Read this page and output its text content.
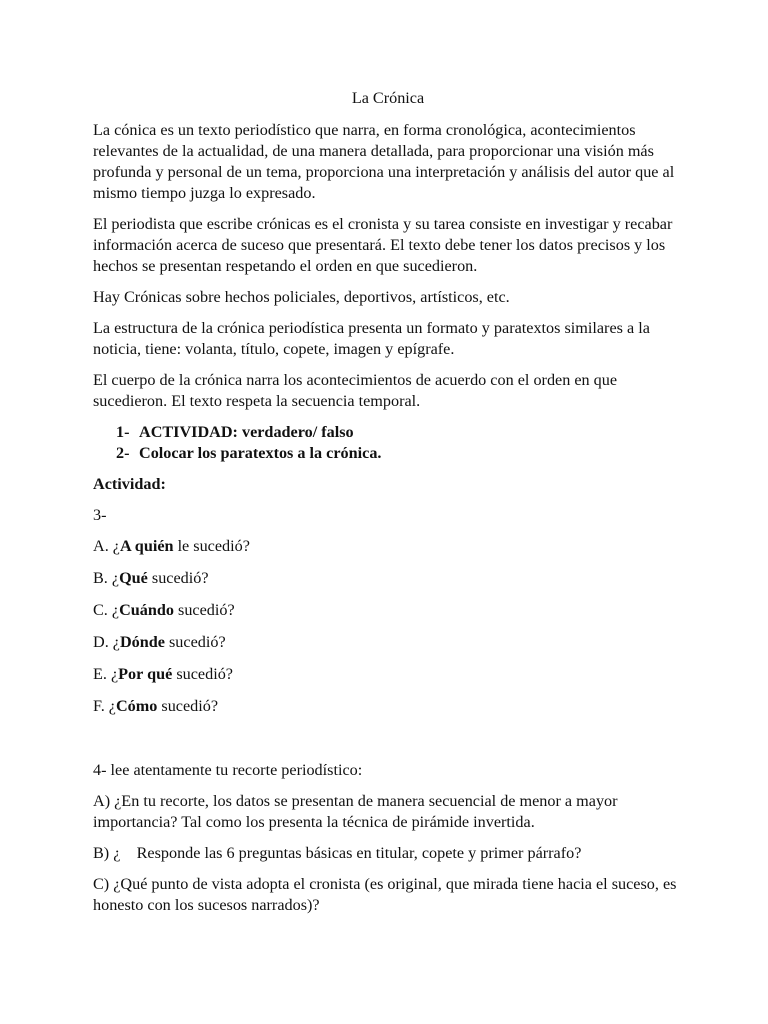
La Crónica

La cónica es un texto periodístico que narra, en forma cronológica, acontecimientos relevantes de la actualidad, de una manera detallada, para proporcionar una visión más profunda y personal de un tema, proporciona una interpretación y análisis del autor que al mismo tiempo juzga lo expresado.

El periodista que escribe crónicas es el cronista y su tarea consiste en investigar y recabar información acerca de suceso que presentará. El texto debe tener los datos precisos y los hechos se presentan respetando el orden en que sucedieron.

Hay Crónicas sobre hechos policiales, deportivos, artísticos, etc.

La estructura de la crónica periodística presenta un formato y paratextos similares a la noticia, tiene: volanta, título, copete, imagen y epígrafe.

El cuerpo de la crónica narra los acontecimientos de acuerdo con el orden en que sucedieron. El texto respeta la secuencia temporal.

1- ACTIVIDAD: verdadero/ falso
2- Colocar los paratextos a la crónica.

Actividad:

3-

A. ¿A quién le sucedió?

B. ¿Qué sucedió?

C. ¿Cuándo sucedió?

D. ¿Dónde sucedió?

E. ¿Por qué sucedió?

F. ¿Cómo sucedió?

4- lee atentamente tu recorte periodístico:

A) ¿En tu recorte, los datos se presentan de manera secuencial de menor a mayor importancia? Tal como los presenta la técnica de pirámide invertida.

B) ¿    Responde las 6 preguntas básicas en titular, copete y primer párrafo?

C) ¿Qué punto de vista adopta el cronista (es original, que mirada tiene hacia el suceso, es honesto con los sucesos narrados)?
